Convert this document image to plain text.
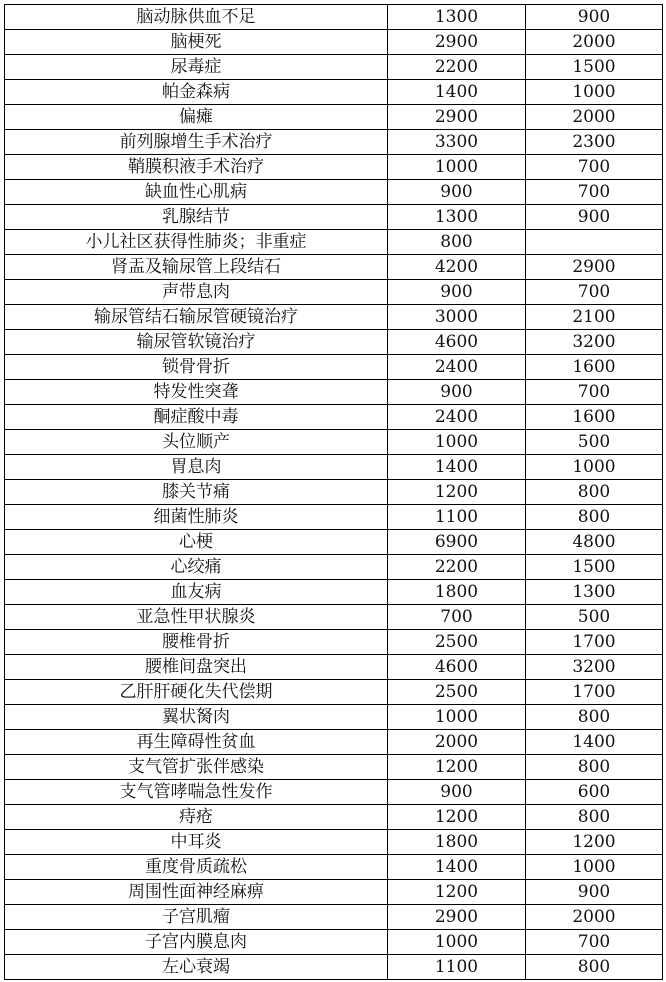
脑动脉供血不足	1300	900
脑梗死	2900	2000
尿毒症	2200	1500
帕金森病	1400	1000
偏瘫	2900	2000
前列腺增生手术治疗	3300	2300
鞘膜积液手术治疗	1000	700
缺血性心肌病	900	700
乳腺结节	1300	900
小儿社区获得性肺炎；非重症	800	
肾盂及输尿管上段结石	4200	2900
声带息肉	900	700
输尿管结石输尿管硬镜治疗	3000	2100
输尿管软镜治疗	4600	3200
锁骨骨折	2400	1600
特发性突聋	900	700
酮症酸中毒	2400	1600
头位顺产	1000	500
胃息肉	1400	1000
膝关节痛	1200	800
细菌性肺炎	1100	800
心梗	6900	4800
心绞痛	2200	1500
血友病	1800	1300
亚急性甲状腺炎	700	500
腰椎骨折	2500	1700
腰椎间盘突出	4600	3200
乙肝肝硬化失代偿期	2500	1700
翼状胬肉	1000	800
再生障碍性贫血	2000	1400
支气管扩张伴感染	1200	800
支气管哮喘急性发作	900	600
痔疮	1200	800
中耳炎	1800	1200
重度骨质疏松	1400	1000
周围性面神经麻痹	1200	900
子宫肌瘤	2900	2000
子宫内膜息肉	1000	700
左心衰竭	1100	800
